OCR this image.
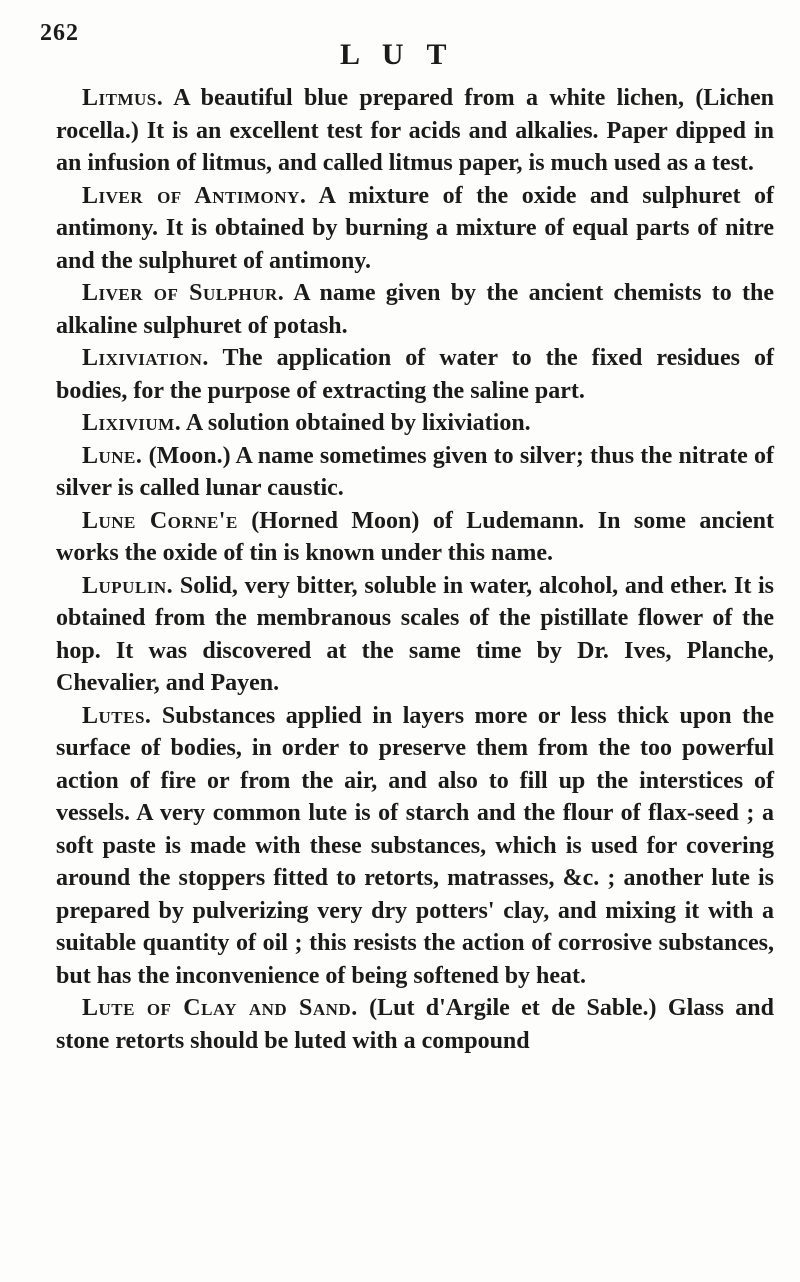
262
L U T

Litmus. A beautiful blue prepared from a white lichen, (Lichen rocella.) It is an excellent test for acids and alkalies. Paper dipped in an infusion of litmus, and called litmus paper, is much used as a test.

Liver of Antimony. A mixture of the oxide and sulphuret of antimony. It is obtained by burning a mixture of equal parts of nitre and the sulphuret of antimony.

Liver of Sulphur. A name given by the ancient chemists to the alkaline sulphuret of potash.

Lixiviation. The application of water to the fixed residues of bodies, for the purpose of extracting the saline part.

Lixivium. A solution obtained by lixiviation.

Lune. (Moon.) A name sometimes given to silver; thus the nitrate of silver is called lunar caustic.

Lune Corne'e (Horned Moon) of Ludemann. In some ancient works the oxide of tin is known under this name.

Lupulin. Solid, very bitter, soluble in water, alcohol, and ether. It is obtained from the membranous scales of the pistillate flower of the hop. It was discovered at the same time by Dr. Ives, Planche, Chevalier, and Payen.

Lutes. Substances applied in layers more or less thick upon the surface of bodies, in order to preserve them from the too powerful action of fire or from the air, and also to fill up the interstices of vessels. A very common lute is of starch and the flour of flax-seed ; a soft paste is made with these substances, which is used for covering around the stoppers fitted to retorts, matrasses, &c. ; another lute is prepared by pulverizing very dry potters' clay, and mixing it with a suitable quantity of oil ; this resists the action of corrosive substances, but has the inconvenience of being softened by heat.

Lute of Clay and Sand. (Lut d'Argile et de Sable.) Glass and stone retorts should be luted with a compound
